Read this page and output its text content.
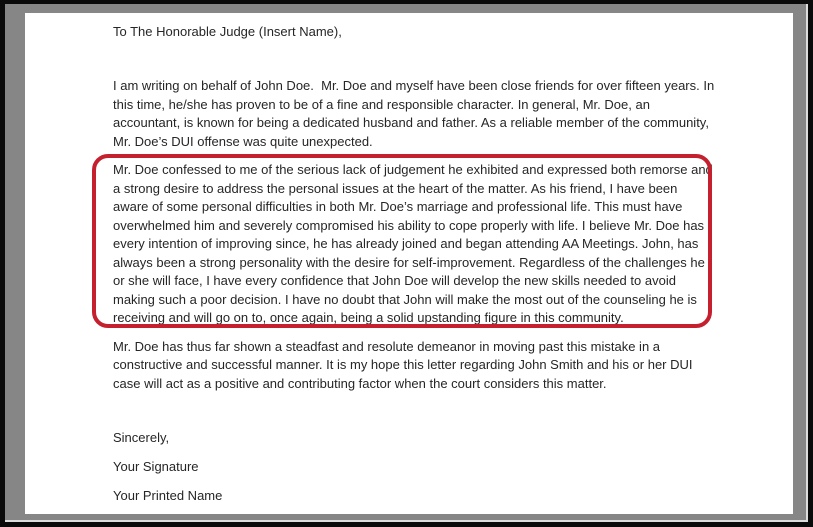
To The Honorable Judge (Insert Name),
I am writing on behalf of John Doe.  Mr. Doe and myself have been close friends for over fifteen years. In
this time, he/she has proven to be of a fine and responsible character. In general, Mr. Doe, an
accountant, is known for being a dedicated husband and father. As a reliable member of the community,
Mr. Doe’s DUI offense was quite unexpected.
Mr. Doe confessed to me of the serious lack of judgement he exhibited and expressed both remorse and
a strong desire to address the personal issues at the heart of the matter. As his friend, I have been
aware of some personal difficulties in both Mr. Doe’s marriage and professional life. This must have
overwhelmed him and severely compromised his ability to cope properly with life. I believe Mr. Doe has
every intention of improving since, he has already joined and began attending AA Meetings. John, has
always been a strong personality with the desire for self-improvement. Regardless of the challenges he
or she will face, I have every confidence that John Doe will develop the new skills needed to avoid
making such a poor decision. I have no doubt that John will make the most out of the counseling he is
receiving and will go on to, once again, being a solid upstanding figure in this community.
Mr. Doe has thus far shown a steadfast and resolute demeanor in moving past this mistake in a
constructive and successful manner. It is my hope this letter regarding John Smith and his or her DUI
case will act as a positive and contributing factor when the court considers this matter.
Sincerely,
Your Signature
Your Printed Name
